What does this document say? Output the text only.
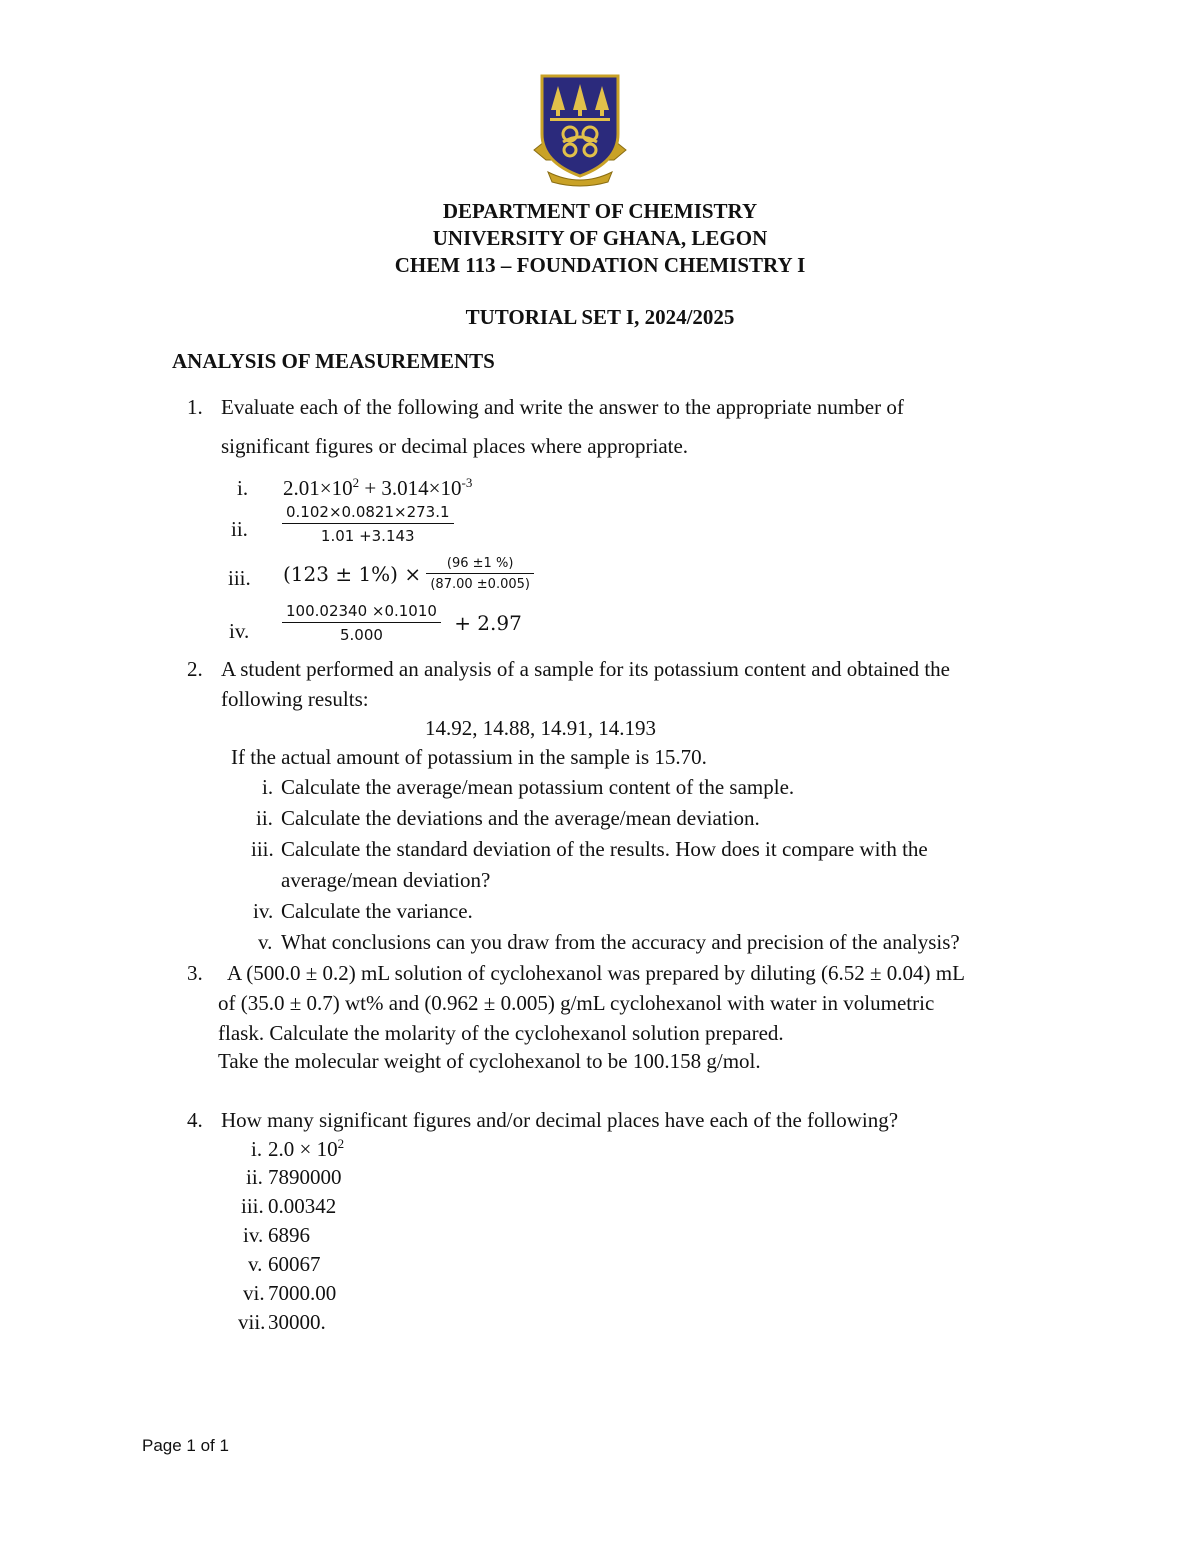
DEPARTMENT OF CHEMISTRY
UNIVERSITY OF GHANA, LEGON
CHEM 113 – FOUNDATION CHEMISTRY I
TUTORIAL SET I, 2024/2025
ANALYSIS OF MEASUREMENTS
1. Evaluate each of the following and write the answer to the appropriate number of
significant figures or decimal places where appropriate.
i. $2.01\times 10^2 + 3.014\times 10^{-3}$
ii. $\frac{0.102\times 0.0821\times 273.1}{1.01 +3.143}$
iii. $(123 \pm 1\%) \times \frac{(96 \pm 1 \%)}{(87.00 \pm 0.005)}$
iv. $\frac{100.02340 \times 0.1010}{5.000} + 2.97$
2. A student performed an analysis of a sample for its potassium content and obtained the
following results:
14.92, 14.88, 14.91, 14.193
If the actual amount of potassium in the sample is 15.70.
i. Calculate the average/mean potassium content of the sample.
ii. Calculate the deviations and the average/mean deviation.
iii. Calculate the standard deviation of the results. How does it compare with the
average/mean deviation?
iv. Calculate the variance.
v. What conclusions can you draw from the accuracy and precision of the analysis?
3. A (500.0 ± 0.2) mL solution of cyclohexanol was prepared by diluting (6.52 ± 0.04) mL
of (35.0 ± 0.7) wt% and (0.962 ± 0.005) g/mL cyclohexanol with water in volumetric
flask. Calculate the molarity of the cyclohexanol solution prepared.
Take the molecular weight of cyclohexanol to be 100.158 g/mol.
4. How many significant figures and/or decimal places have each of the following?
i. $2.0 \times 10^2$
ii. 7890000
iii. 0.00342
iv. 6896
v. 60067
vi. 7000.00
vii. 30000.
Page 1 of 1
